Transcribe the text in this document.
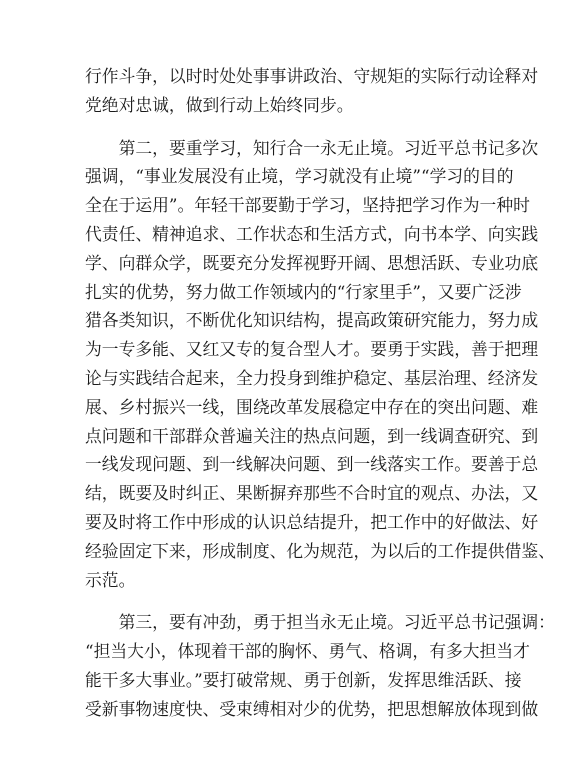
行作斗争，以时时处处事事讲政治、守规矩的实际行动诠释对
党绝对忠诚，做到行动上始终同步。
第二，要重学习，知行合一永无止境。习近平总书记多次
强调，“事业发展没有止境，学习就没有止境”“学习的目的
全在于运用”。年轻干部要勤于学习，坚持把学习作为一种时
代责任、精神追求、工作状态和生活方式，向书本学、向实践
学、向群众学，既要充分发挥视野开阔、思想活跃、专业功底
扎实的优势，努力做工作领域内的“行家里手”，又要广泛涉
猎各类知识，不断优化知识结构，提高政策研究能力，努力成
为一专多能、又红又专的复合型人才。要勇于实践，善于把理
论与实践结合起来，全力投身到维护稳定、基层治理、经济发
展、乡村振兴一线，围绕改革发展稳定中存在的突出问题、难
点问题和干部群众普遍关注的热点问题，到一线调查研究、到
一线发现问题、到一线解决问题、到一线落实工作。要善于总
结，既要及时纠正、果断摒弃那些不合时宜的观点、办法，又
要及时将工作中形成的认识总结提升，把工作中的好做法、好
经验固定下来，形成制度、化为规范，为以后的工作提供借鉴、
示范。
第三，要有冲劲，勇于担当永无止境。习近平总书记强调：
“担当大小，体现着干部的胸怀、勇气、格调，有多大担当才
能干多大事业。”要打破常规、勇于创新，发挥思维活跃、接
受新事物速度快、受束缚相对少的优势，把思想解放体现到做
